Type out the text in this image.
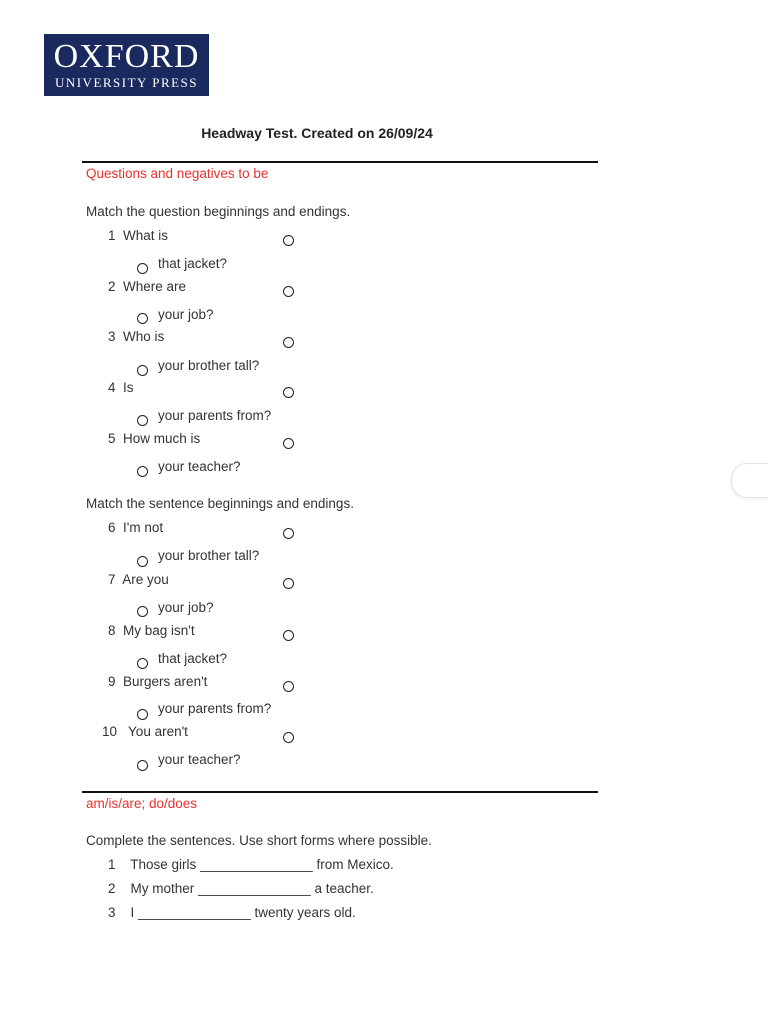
OXFORD
UNIVERSITY PRESS
Headway Test. Created on 26/09/24
Questions and negatives to be
Match the question beginnings and endings.
1 What is
that jacket?
2 Where are
your job?
3 Who is
your brother tall?
4 Is
your parents from?
5 How much is
your teacher?
Match the sentence beginnings and endings.
6 I'm not
your brother tall?
7 Are you
your job?
8 My bag isn't
that jacket?
9 Burgers aren't
your parents from?
10 You aren't
your teacher?
am/is/are; do/does
Complete the sentences. Use short forms where possible.
1 Those girls _______________ from Mexico.
2 My mother _______________ a teacher.
3 I _______________ twenty years old.
